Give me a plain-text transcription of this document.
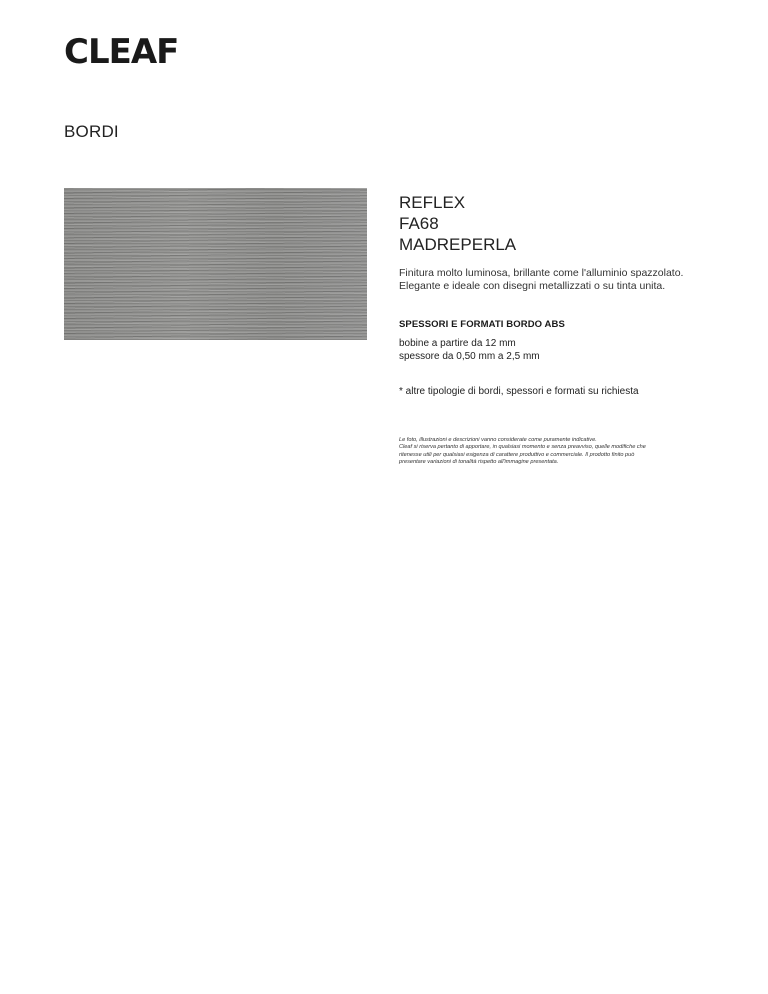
CLEAF
BORDI
REFLEX
FA68
MADREPERLA
Finitura molto luminosa, brillante come l'alluminio spazzolato.
Elegante e ideale con disegni metallizzati o su tinta unita.
SPESSORI E FORMATI BORDO ABS
bobine a partire da 12 mm
spessore da 0,50 mm a 2,5 mm
* altre tipologie di bordi, spessori e formati su richiesta
Le foto, illustrazioni e descrizioni vanno considerate come puramente indicative.
Cleaf si riserva pertanto di apportare, in qualsiasi momento e senza preavviso, quelle modifiche che
ritenesse utili per qualsiasi esigenza di carattere produttivo e commerciale. Il prodotto finito può
presentare variazioni di tonalità rispetto all'immagine presentata.
